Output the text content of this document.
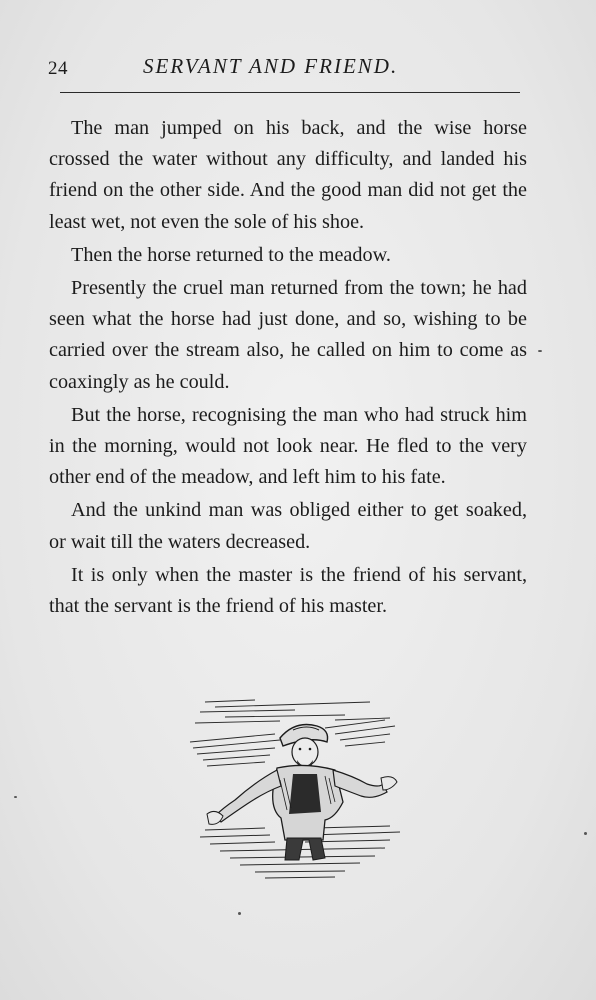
24	SERVANT AND FRIEND.

The man jumped on his back, and the wise horse crossed the water without any difficulty, and landed his friend on the other side. And the good man did not get the least wet, not even the sole of his shoe.

Then the horse returned to the meadow.

Presently the cruel man returned from the town; he had seen what the horse had just done, and so, wishing to be carried over the stream also, he called on him to come as coaxingly as he could.

But the horse, recognising the man who had struck him in the morning, would not look near. He fled to the very other end of the meadow, and left him to his fate.

And the unkind man was obliged either to get soaked, or wait till the waters decreased.

It is only when the master is the friend of his servant, that the servant is the friend of his master.
